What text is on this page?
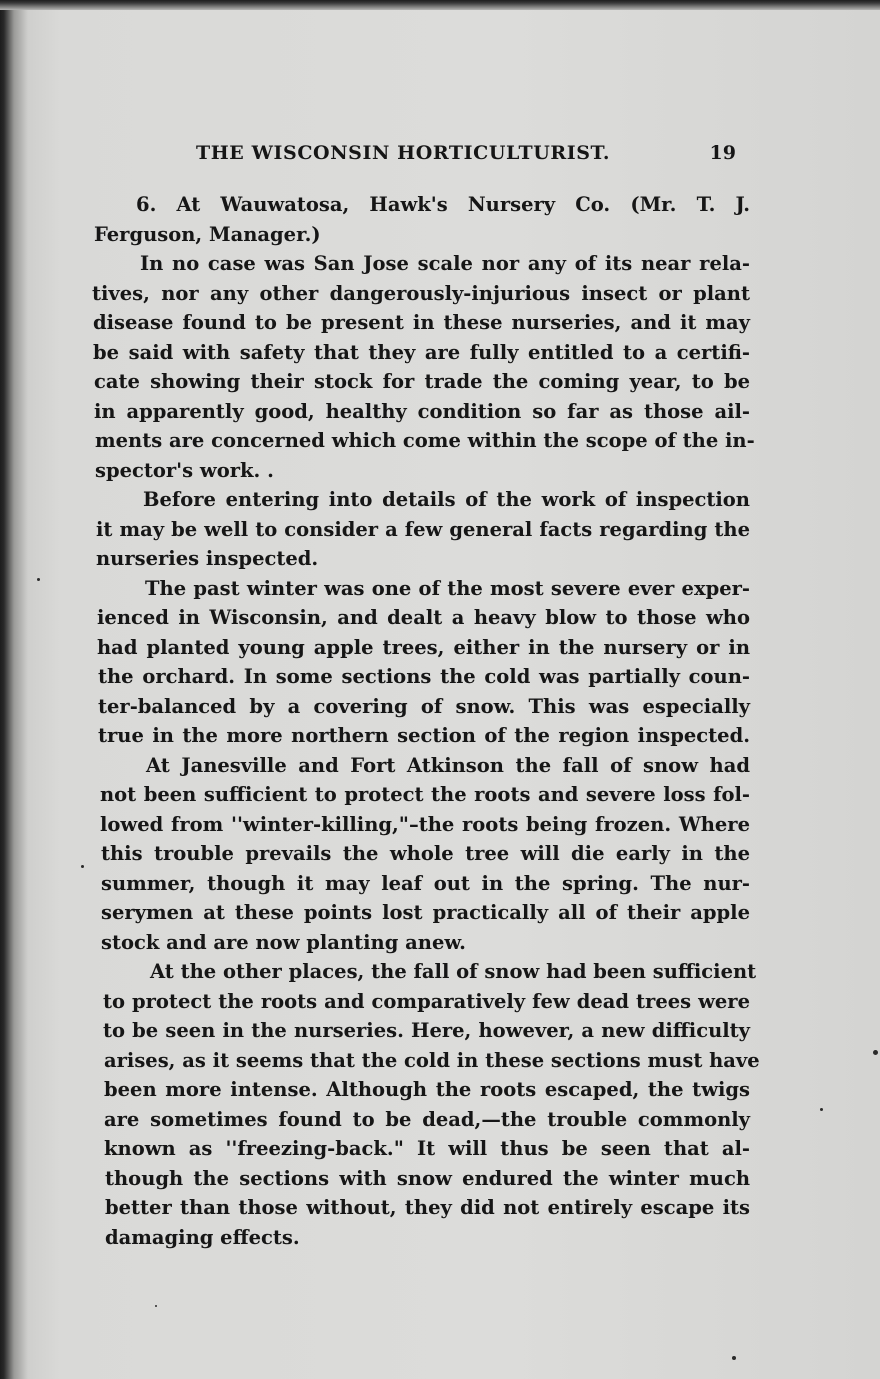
THE WISCONSIN HORTICULTURIST.	19
6. At Wauwatosa, Hawk's Nursery Co. (Mr. T. J.
Ferguson, Manager.)
In no case was San Jose scale nor any of its near rela-
tives, nor any other dangerously-injurious insect or plant
disease found to be present in these nurseries, and it may
be said with safety that they are fully entitled to a certifi-
cate showing their stock for trade the coming year, to be
in apparently good, healthy condition so far as those ail-
ments are concerned which come within the scope of the in-
spector's work. .
Before entering into details of the work of inspection
it may be well to consider a few general facts regarding the
nurseries inspected.
The past winter was one of the most severe ever exper-
ienced in Wisconsin, and dealt a heavy blow to those who
had planted young apple trees, either in the nursery or in
the orchard. In some sections the cold was partially coun-
ter-balanced by a covering of snow. This was especially
true in the more northern section of the region inspected.
At Janesville and Fort Atkinson the fall of snow had
not been sufficient to protect the roots and severe loss fol-
lowed from ''winter-killing,"–the roots being frozen. Where
this trouble prevails the whole tree will die early in the
summer, though it may leaf out in the spring. The nur-
serymen at these points lost practically all of their apple
stock and are now planting anew.
At the other places, the fall of snow had been sufficient
to protect the roots and comparatively few dead trees were
to be seen in the nurseries. Here, however, a new difficulty
arises, as it seems that the cold in these sections must have
been more intense. Although the roots escaped, the twigs
are sometimes found to be dead,—the trouble commonly
known as ''freezing-back." It will thus be seen that al-
though the sections with snow endured the winter much
better than those without, they did not entirely escape its
damaging effects.
